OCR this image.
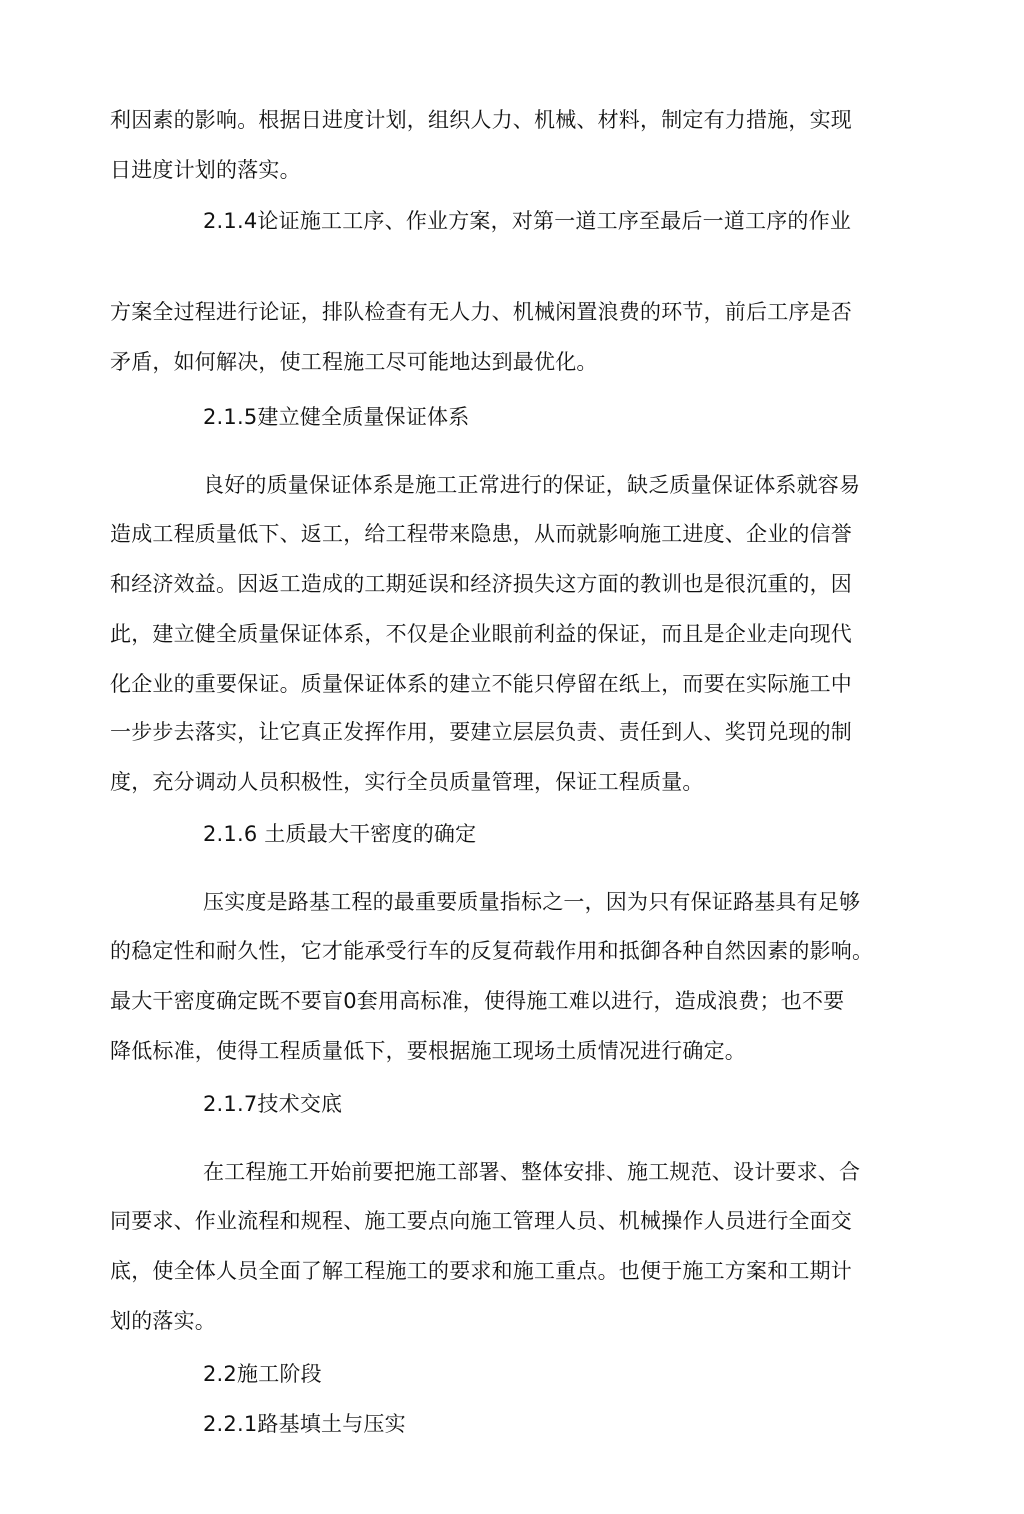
利因素的影响。根据日进度计划，组织人力、机械、材料，制定有力措施，实现
日进度计划的落实。
2.1.4论证施工工序、作业方案，对第一道工序至最后一道工序的作业
方案全过程进行论证，排队检查有无人力、机械闲置浪费的环节，前后工序是否
矛盾，如何解决，使工程施工尽可能地达到最优化。
2.1.5建立健全质量保证体系
良好的质量保证体系是施工正常进行的保证，缺乏质量保证体系就容易
造成工程质量低下、返工，给工程带来隐患，从而就影响施工进度、企业的信誉
和经济效益。因返工造成的工期延误和经济损失这方面的教训也是很沉重的，因
此，建立健全质量保证体系，不仅是企业眼前利益的保证，而且是企业走向现代
化企业的重要保证。质量保证体系的建立不能只停留在纸上，而要在实际施工中
一步步去落实，让它真正发挥作用，要建立层层负责、责任到人、奖罚兑现的制
度，充分调动人员积极性，实行全员质量管理，保证工程质量。
2.1.6 土质最大干密度的确定
压实度是路基工程的最重要质量指标之一，因为只有保证路基具有足够
的稳定性和耐久性，它才能承受行车的反复荷载作用和抵御各种自然因素的影响。
最大干密度确定既不要盲0套用高标准，使得施工难以进行，造成浪费；也不要
降低标准，使得工程质量低下，要根据施工现场土质情况进行确定。
2.1.7技术交底
在工程施工开始前要把施工部署、整体安排、施工规范、设计要求、合
同要求、作业流程和规程、施工要点向施工管理人员、机械操作人员进行全面交
底，使全体人员全面了解工程施工的要求和施工重点。也便于施工方案和工期计
划的落实。
2.2施工阶段
2.2.1路基填土与压实
